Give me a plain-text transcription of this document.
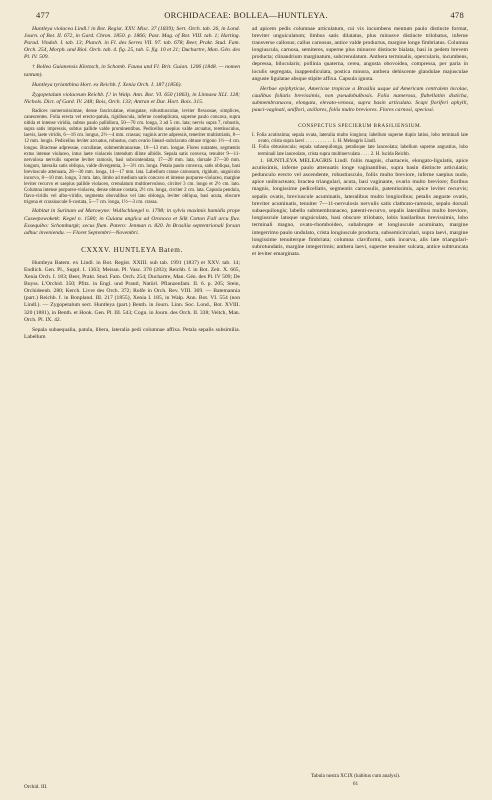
477	ORCHIDACEAE: BOLLEA—HUNTLEYA.	478

Huntleya violacea Lindl.! in Bot. Regist. XXV. Misc. 37 (1839); Sert. Orch. tab. 26, in Lond. Journ. of Bot. II. 672, in Gard. Chron. 1850. p. 1866; Paxt. Mag. of Bot. VIII. tab. 1; Harting. Parad. Vindob. I. tab. 13; Planch. in Fl. des Serres VII. 97. tab. 678; Beer, Prakt. Stud. Fam. Orch. 254, Morph. und Biol. Orch. tab. 4. fig. 25, tab. 5. fig. 10 et 21; Duchartre, Man. Gén. des Pl. IV. 509.

† Bollea Guianensis Klotzsch, in Schomb. Fauna und Fl. Brit. Guian. 1206 (1848. — nomen tantum).

Huntleya tyrianthina Hort. ex Reichb. f. Xenia Orch. I. 187 (1856).

Zygopetalum violaceum Reichb. f.! in Walp. Ann. Bot. VI. 650 (1863), in Linnaea XLI. 128; Nichols. Dict. of Gard. IV. 248; Bois, Orch. 133; Antran et Dur. Hort. Bois. 315.

Radices numerosissimae, dense fasciculatae, elongatae, robustiusculae, leviter flexuosae, simplices, canescentes. Folia erecta vel erecto-patula, rigidiuscula, inferne conduplicata, superne paulo concava, supra nitida et intense viridia, subtus paulo pallidiora, 50—70 cm. longa, 3 ad 5 cm. lata; nervis supra 7, robustis, supra satis impressis, subtus pallide valde prominentibus. Pedicellus saepius valde arcuatus, teretiusculus, laevis, laete viridis, 6—16 cm. longus, 2½—4 mm. crassus; vaginis arcte adpressis, teneriter multistriatis, 8—12 mm. longis. Pedicellus leviter arcuatus, robustus, cum ovario lineari-subclavato obtuse trigono 1½—4 cm. longus. Bracteae adpressae, cucullatae, submembranaceae, 10—13 mm. longae. Flores nutantes, segmentis extus intense violaceo, intus laete violaceis intendum dilute albidis. Sepala satis convexa, tenuiter 9—11-nervulosa nervulis superne leviter ramosis, basi subcontendata, 17—20 mm. lata, dorsale 27—30 mm. longum, lateralia satis obliqua, valde divergentia, 3—3½ cm. longa. Petala paulo convexa, satis obliqua, basi breviuscule attenuata, 28—30 mm. longa, 14—17 mm. lata. Labellum crasse carnosum, rigidum, unguiculo incurvo, 8—10 mm. longo, 3 mm. lato, limbo ad medium satis concavo et intense purpureo-violaceo, margine leviter recurvo et saepius pallide violaceo, crenulatum multinervuloso, circiter 3 cm. longo et 2½ cm. lato. Columna intense purpureo-violacea, dense obtuse costata, 2½ cm. longa, circiter 2 cm. lata. Capsula pendula, flavo-viridis vel albo-viridis, segmenta obovalibus vel lato oblonga, leviter obliqua, basi acuta, obscure trigona et crassiuscule 6-costata, 5—7 cm. longa, 1½—3 cm. crassa.

Habitat in Surinam ad Marowyne: Wullschlaegel n. 1798; in sylvis maximis humidis prope Caseepowoketk: Kegel n. 1580; in Guiana anglica ad Oronoca et Silk Cotton Fall arcu fluv. Essequibo: Schomburgk; secus flum. Patero: Jenman n. 820. In Brasilia septentrionali forsan adhuc inveniendu. — Floret Septembri—Novembri.

CXXXV. HUNTLEYA Batem.

Huntleya Batem. ex Lindl. in Bot. Regist. XXIII. sub tab. 1991 (1837) et XXV. tab. 14; Endlich. Gen. Pl., Suppl. I. 1363; Meissn. Pl. Vasc. 378 (283); Reichb. f. in Bot. Zeit. X. 665, Xenia Orch. I. 183; Beer, Prakt. Stud. Fam. Orch. 254; Duchartre, Man. Gén. des Pl. IV 509; De Buyss. L'Orchid. 350; Pfitz. in Engl. und Prantl, Natürl. Pflanzenfam. II. 6. p. 205; Stein, Orchideenb. 280; Kerch. Livre des Orch. 372; Rolfe in Orch. Rev. VIII. 369. — Batemannia (part.) Reichb. f. in Bonpland. III. 217 (1855), Xenia I. 185, in Walp. Ann. Bot. VI. 554 (non Lindl.). — Zygopetalum sect. Huntleya (part.) Benth. in Journ. Linn. Soc. Lond., Bot. XVIII. 320 (1881), in Benth. et Hook. Gen. Pl. III. 543; Cogn. in Journ. des Orch. II. 338; Veitch, Man. Orch. Pl. IX. 42.

Sepala subaequalia, patula, libera, lateralia pedi columnae affixa. Petala sepalis subsimilia. Labellum

ad apicem pedis columnae articulatum, cui vix incumbens mentum paulo distincte format, breviter unguiculatum; limbus satis dilatatus, plus minusve distincte trilobatus, inferne transverse callosus; callus carnosus, antice valde productus, margine longe fimbriatus. Columna longiuscula, carnosa, semiteres, superne plus minusve distincte bialata, basi in pedem brevem producta; clinandrium marginatum, subcrenulatum. Anthera terminalis, opercularis, incumbens, depressa, bilocularis; pollinia quaterna, cerea, angusta obovoidea, compressa, per paria in loculis segregata, inappendiculata, postica minora, anthera dehiscente glandulae majusculae anguste ligulatae absque stipite affixa. Capsula ignota.

Herbae epiphyticae, Americae tropicae a Brasilia usque ad Americam centralem incolae, caulibus foliatis brevissimis, non pseudobulbosis. Folia numerosa, flabellatim disticha, submembranacea, elongata, elevato-venosa, supra basin articulata. Scapi floriferi aphylli, pauci-vaginati, uniflori, axillares, foliis multo breviores. Flores carnosi, speciosi.

CONSPECTUS SPECIERUM BRASILIENSIUM.

I. Folia acutissima; sepala ovata, lateralia multo longiora; labellum superne duplo latius, lobo terminali late ovato, crista supra laevi . . . . . . . . . . . 1. H. Meleagris Lindl.

II. Folia obtusiuscula; sepala subaequilonga, petalisque late lanceolata; labellum superne angustius, lobo terminali late lanceolato, crista supra multinervulata . . . . 2. H. lucida Reichb.

1. HUNTLEYA MELEAGRIS Lindl. foliis magnis, chartaceis, elongato-ligulatis, apice acutissimis, inferne paulo attenuatis longe vaginantibus, supra basin distincte articulatis; pedunculo erecto vel ascendente, robustiusculo, foliis multo breviore, inferne saepius nudo, apice unibracteato; bractea triangulari, acuta, basi vaginante, ovario multo breviore; floribus magnis, longissime pedicellatis, segmentis carnosulis, patentissimis, apice leviter recurvis; sepalis ovatis, breviuscule acuminatis, lateralibus multo longioribus; petalis anguste ovatis, breviter acuminatis, tenuiter 7—11-nervulosis nervulis satis clathrato-ramosis, sepalo dorsali subaequilongis; labello submembranaceo, patenti-recurvo, sepalis lateralibus multo breviore, longiuscule latoque unguiculato, basi obscure trilobato, lobis basilaribus brevissimis, lobo terminali magno, ovato-rhomboideo, subabrupte et longiuscule acuminato, margine integerrimo paulo undulato, crista longiuscule producta, subsemicirculari, supra laevi, margine longissime tenuiterque fimbriata; columna claviformi, satis incurva, alis late triangulari-subrotundatis, margine integerrimis; anthera laevi, superne tenuiter sulcata, antice subtruncata et leviter emarginata.

Orchid. III.
Tabula nostra XCIX (habitus cum analysi).
61
